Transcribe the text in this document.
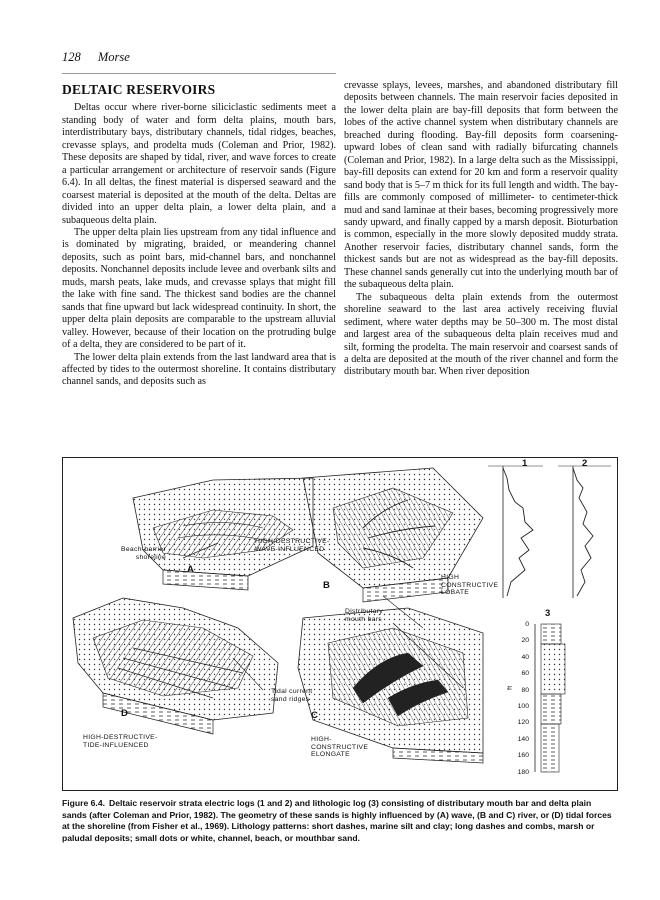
128 Morse
DELTAIC RESERVOIRS

Deltas occur where river-borne siliciclastic sediments meet a standing body of water and form delta plains, mouth bars, interdistributary bays, distributary channels, tidal ridges, beaches, crevasse splays, and prodelta muds (Coleman and Prior, 1982). These deposits are shaped by tidal, river, and wave forces to create a particular arrangement or architecture of reservoir sands (Figure 6.4). In all deltas, the finest material is dispersed seaward and the coarsest material is deposited at the mouth of the delta. Deltas are divided into an upper delta plain, a lower delta plain, and a subaqueous delta plain.

The upper delta plain lies upstream from any tidal influence and is dominated by migrating, braided, or meandering channel deposits, such as point bars, mid-channel bars, and nonchannel deposits. Nonchannel deposits include levee and overbank silts and muds, marsh peats, lake muds, and crevasse splays that might fill the lake with fine sand. The thickest sand bodies are the channel sands that fine upward but lack widespread continuity. In short, the upper delta plain deposits are comparable to the upstream alluvial valley. However, because of their location on the protruding bulge of a delta, they are considered to be part of it.

The lower delta plain extends from the last landward area that is affected by tides to the outermost shoreline. It contains distributary channel sands, and deposits such as

crevasse splays, levees, marshes, and abandoned distributary fill deposits between channels. The main reservoir facies deposited in the lower delta plain are bay-fill deposits that form between the lobes of the active channel system when distributary channels are breached during flooding. Bay-fill deposits form coarsening-upward lobes of clean sand with radially bifurcating channels (Coleman and Prior, 1982). In a large delta such as the Mississippi, bay-fill deposits can extend for 20 km and form a reservoir quality sand body that is 5–7 m thick for its full length and width. The bay-fills are commonly composed of millimeter- to centimeter-thick mud and sand laminae at their bases, becoming progressively more sandy upward, and finally capped by a marsh deposit. Bioturbation is common, especially in the more slowly deposited muddy strata. Another reservoir facies, distributary channel sands, form the thickest sands but are not as widespread as the bay-fill deposits. These channel sands generally cut into the underlying mouth bar of the subaqueous delta plain.

The subaqueous delta plain extends from the outermost shoreline seaward to the last area actively receiving fluvial sediment, where water depths may be 50–300 m. The most distal and largest area of the subaqueous delta plain receives mud and silt, forming the prodelta. The main reservoir and coarsest sands of a delta are deposited at the mouth of the river channel and form the distributary mouth bar. When river deposition

HIGH-DESTRUCTIVE-
WAVE-INFLUENCED
Beach-barrier
shoreline
HIGH
CONSTRUCTIVE
LOBATE
Distributary
mouth bars
Tidal current
sand ridges
HIGH-DESTRUCTIVE-
TIDE-INFLUENCED
HIGH-
CONSTRUCTIVE
ELONGATE
A
B
C
D
1	2
3
0
20
40
60
80
100
120
140
160
180
ft
Figure 6.4. Deltaic reservoir strata electric logs (1 and 2) and lithologic log (3) consisting of distributary mouth bar and delta plain sands (after Coleman and Prior, 1982). The geometry of these sands is highly influenced by (A) wave, (B and C) river, or (D) tidal forces at the shoreline (from Fisher et al., 1969). Lithology patterns: short dashes, marine silt and clay; long dashes and combs, marsh or paludal deposits; small dots or white, channel, beach, or mouthbar sand.
